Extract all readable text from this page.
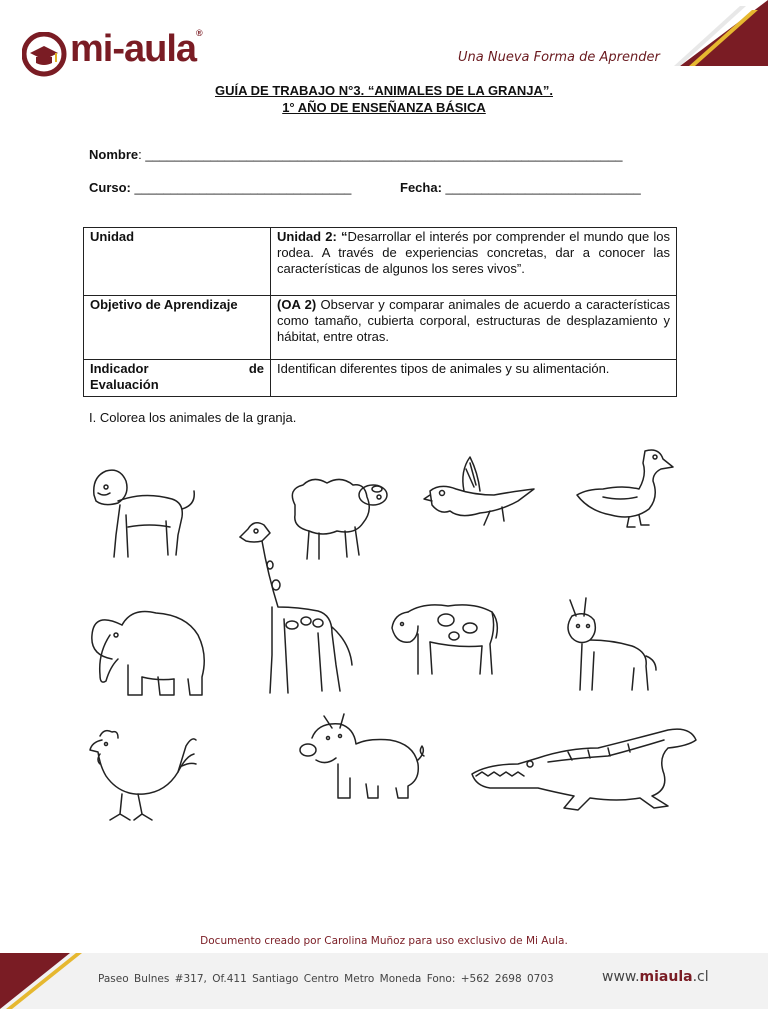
mi-aula®
Una Nueva Forma de Aprender
GUÍA DE TRABAJO N°3. “ANIMALES DE LA GRANJA”.
1° AÑO DE ENSEÑANZA BÁSICA
Nombre: __________________________________________________________________
Curso: ______________________________	Fecha: ___________________________
Unidad	Unidad 2: “Desarrollar el interés por comprender el mundo que los rodea. A través de experiencias concretas, dar a conocer las características de algunos los seres vivos”.
Objetivo de Aprendizaje	(OA 2) Observar y comparar animales de acuerdo a características como tamaño, cubierta corporal, estructuras de desplazamiento y hábitat, entre otras.

Indicador de
Evaluación	Identifican diferentes tipos de animales y su alimentación.
I. Colorea los animales de la granja.
Documento creado por Carolina Muñoz para uso exclusivo de Mi Aula.
Paseo Bulnes #317, Of.411 Santiago Centro Metro Moneda Fono: +562 2698 0703	www.miaula.cl
